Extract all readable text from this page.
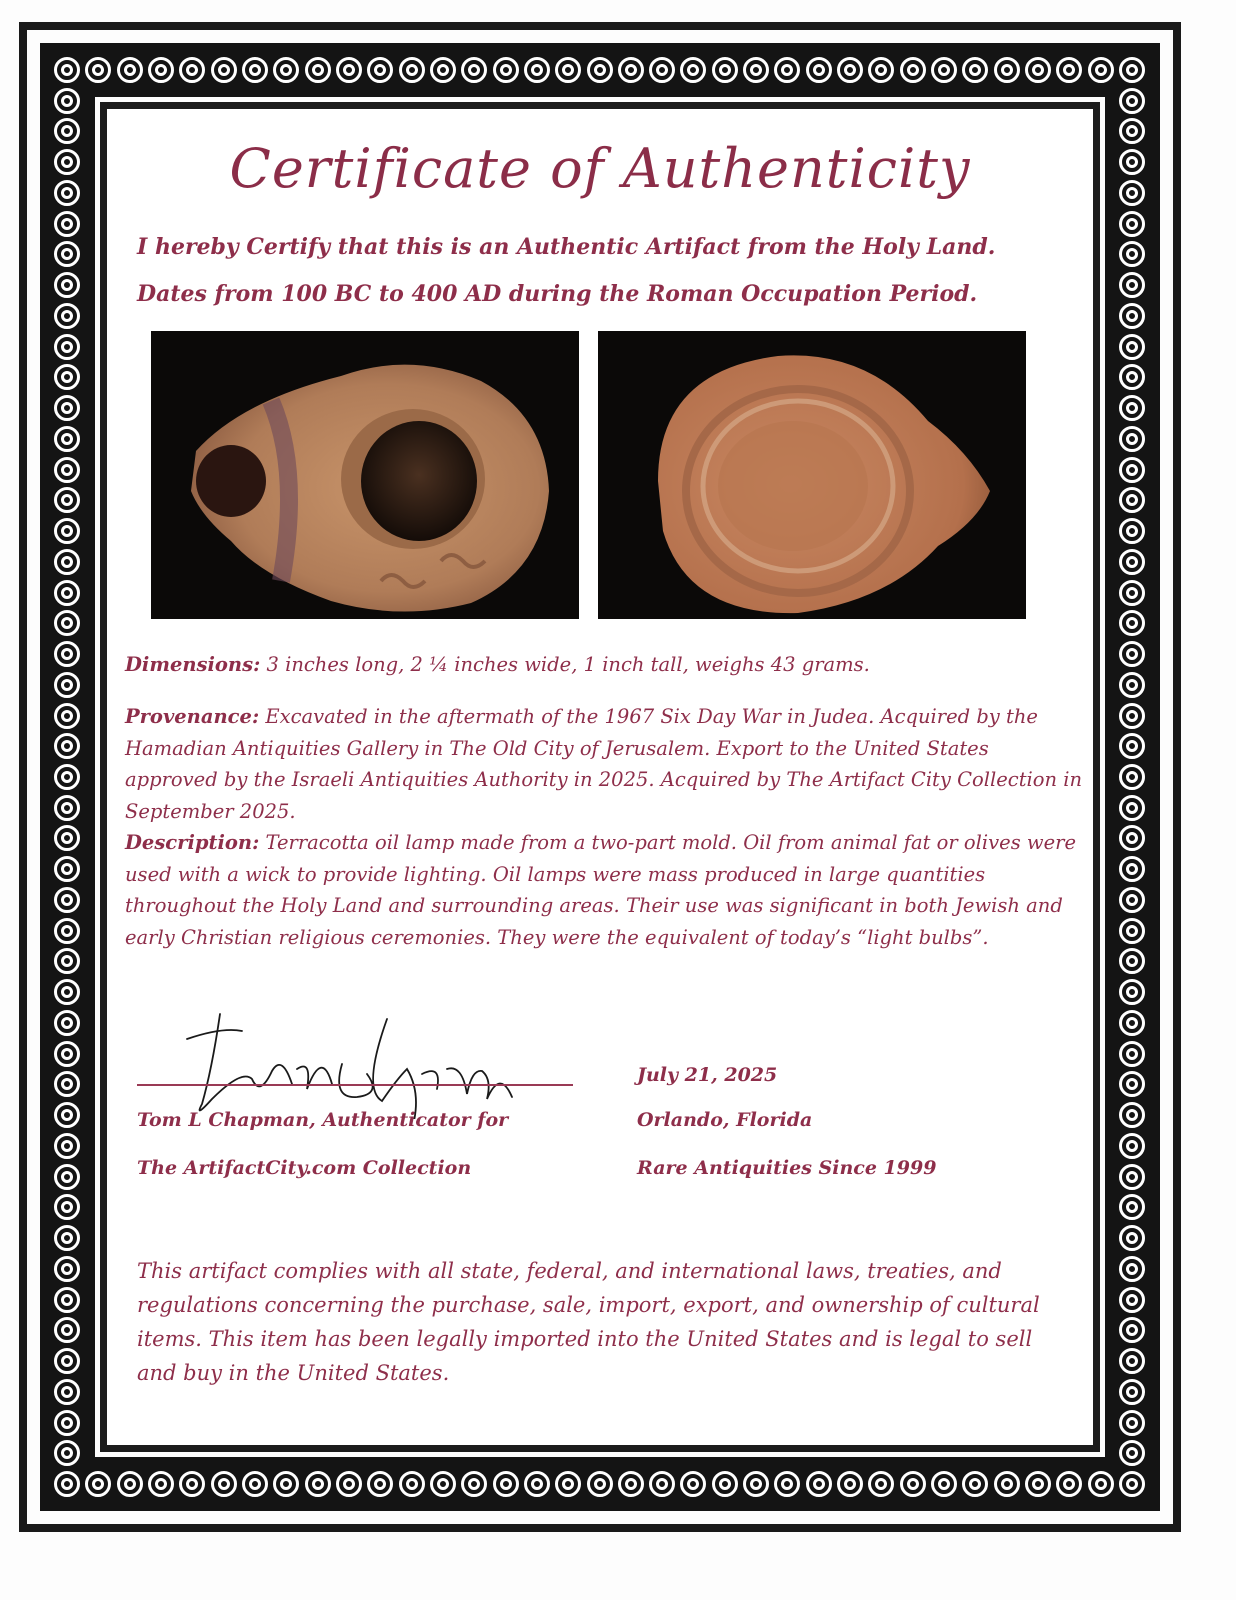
Certificate of Authenticity
I hereby Certify that this is an Authentic Artifact from the Holy Land.
Dates from 100 BC to 400 AD during the Roman Occupation Period.
Dimensions: 3 inches long, 2 ¼ inches wide, 1 inch tall, weighs 43 grams.
Provenance: Excavated in the aftermath of the 1967 Six Day War in Judea. Acquired by the Hamadian Antiquities Gallery in The Old City of Jerusalem. Export to the United States approved by the Israeli Antiquities Authority in 2025. Acquired by The Artifact City Collection in September 2025.
Description: Terracotta oil lamp made from a two-part mold. Oil from animal fat or olives were used with a wick to provide lighting. Oil lamps were mass produced in large quantities throughout the Holy Land and surrounding areas. Their use was significant in both Jewish and early Christian religious ceremonies. They were the equivalent of today’s “light bulbs”.
Tom L Chapman, Authenticator for
The ArtifactCity.com Collection
July 21, 2025
Orlando, Florida
Rare Antiquities Since 1999
This artifact complies with all state, federal, and international laws, treaties, and regulations concerning the purchase, sale, import, export, and ownership of cultural items. This item has been legally imported into the United States and is legal to sell and buy in the United States.
